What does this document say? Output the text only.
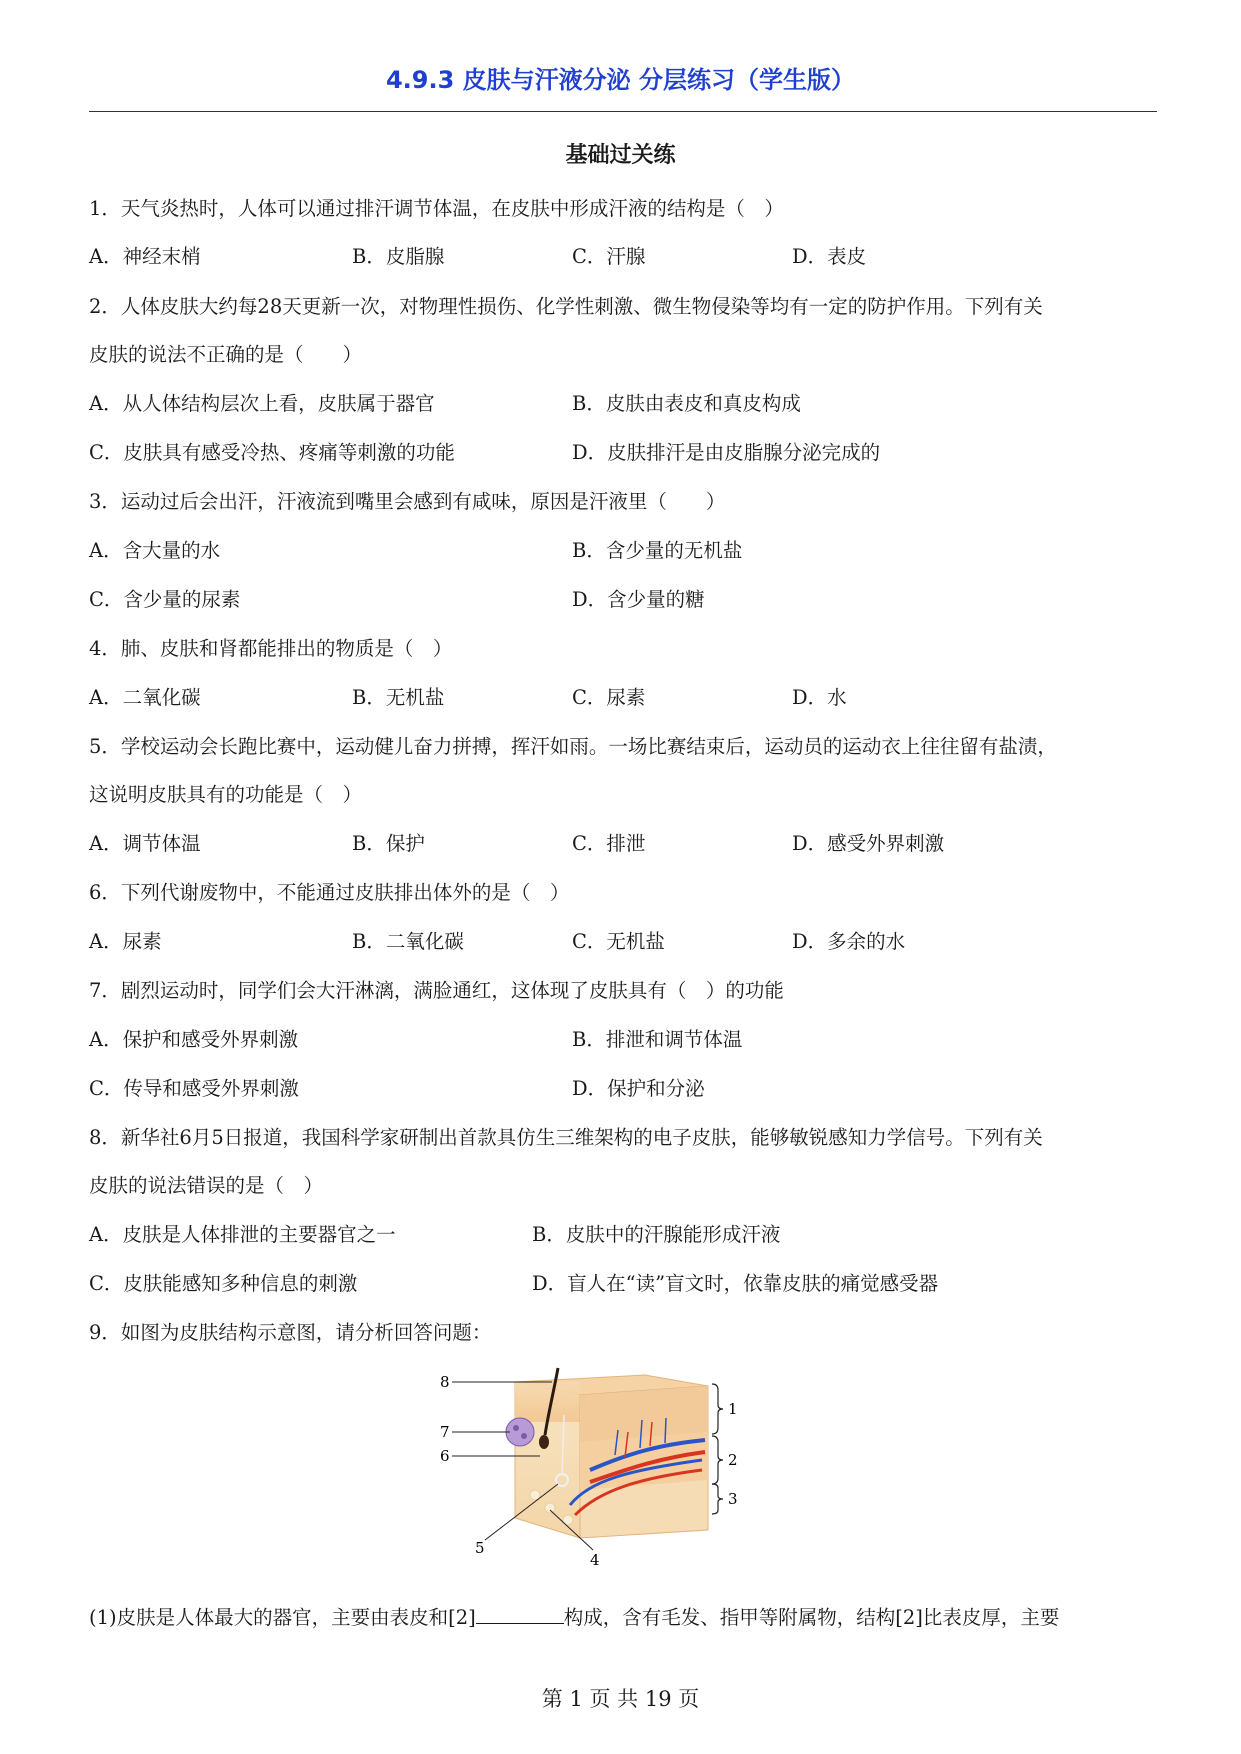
4.9.3 皮肤与汗液分泌 分层练习（学生版）
基础过关练
1．天气炎热时，人体可以通过排汗调节体温，在皮肤中形成汗液的结构是（　）
A．神经末梢	B．皮脂腺	C．汗腺	D．表皮
2．人体皮肤大约每28天更新一次，对物理性损伤、化学性刺激、微生物侵染等均有一定的防护作用。下列有关
皮肤的说法不正确的是（　　）
A．从人体结构层次上看，皮肤属于器官	B．皮肤由表皮和真皮构成
C．皮肤具有感受冷热、疼痛等刺激的功能	D．皮肤排汗是由皮脂腺分泌完成的
3．运动过后会出汗，汗液流到嘴里会感到有咸味，原因是汗液里（　　）
A．含大量的水	B．含少量的无机盐
C．含少量的尿素	D．含少量的糖
4．肺、皮肤和肾都能排出的物质是（　）
A．二氧化碳	B．无机盐	C．尿素	D．水
5．学校运动会长跑比赛中，运动健儿奋力拼搏，挥汗如雨。一场比赛结束后，运动员的运动衣上往往留有盐渍，
这说明皮肤具有的功能是（　）
A．调节体温	B．保护	C．排泄	D．感受外界刺激
6．下列代谢废物中，不能通过皮肤排出体外的是（　）
A．尿素	B．二氧化碳	C．无机盐	D．多余的水
7．剧烈运动时，同学们会大汗淋漓，满脸通红，这体现了皮肤具有（　）的功能
A．保护和感受外界刺激	B．排泄和调节体温
C．传导和感受外界刺激	D．保护和分泌
8．新华社6月5日报道，我国科学家研制出首款具仿生三维架构的电子皮肤，能够敏锐感知力学信号。下列有关
皮肤的说法错误的是（　）
A．皮肤是人体排泄的主要器官之一	B．皮肤中的汗腺能形成汗液
C．皮肤能感知多种信息的刺激	D．盲人在“读”盲文时，依靠皮肤的痛觉感受器
9．如图为皮肤结构示意图，请分析回答问题：
8
7
6
5
4
1
2
3
(1)皮肤是人体最大的器官，主要由表皮和[2]	构成，含有毛发、指甲等附属物，结构[2]比表皮厚，主要
第 1 页 共 19 页
